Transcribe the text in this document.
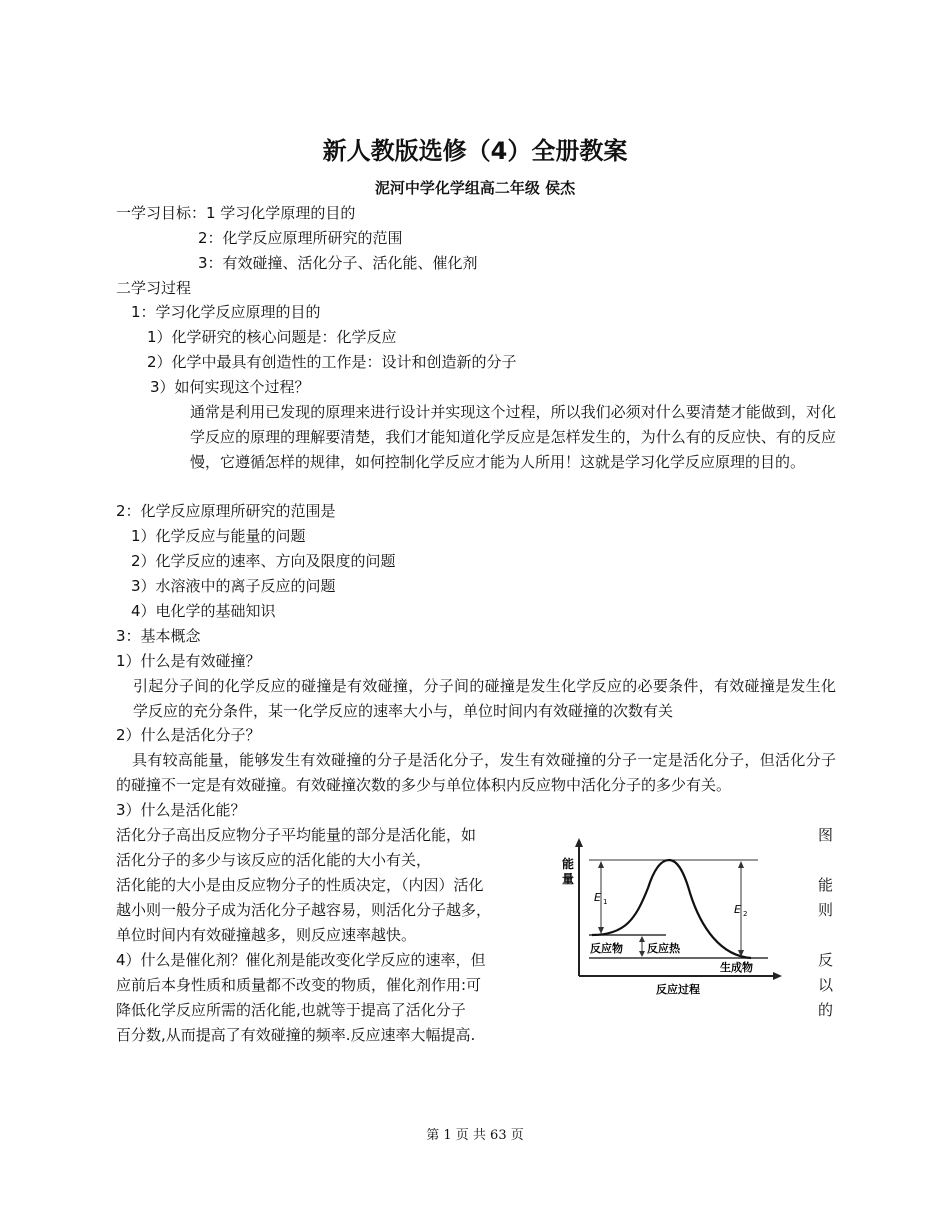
新人教版选修（4）全册教案
泥河中学化学组高二年级 侯杰
一学习目标：1 学习化学原理的目的
2：化学反应原理所研究的范围
3：有效碰撞、活化分子、活化能、催化剂
二学习过程
1：学习化学反应原理的目的
1）化学研究的核心问题是：化学反应
2）化学中最具有创造性的工作是：设计和创造新的分子
3）如何实现这个过程？
通常是利用已发现的原理来进行设计并实现这个过程，所以我们必须对什么要清楚才能做到，对化学反应的原理的理解要清楚，我们才能知道化学反应是怎样发生的，为什么有的反应快、有的反应慢，它遵循怎样的规律，如何控制化学反应才能为人所用！这就是学习化学反应原理的目的。
2：化学反应原理所研究的范围是
1）化学反应与能量的问题
2）化学反应的速率、方向及限度的问题
3）水溶液中的离子反应的问题
4）电化学的基础知识
3：基本概念
1）什么是有效碰撞？
引起分子间的化学反应的碰撞是有效碰撞，分子间的碰撞是发生化学反应的必要条件，有效碰撞是发生化学反应的充分条件，某一化学反应的速率大小与，单位时间内有效碰撞的次数有关
2）什么是活化分子？
具有较高能量，能够发生有效碰撞的分子是活化分子，发生有效碰撞的分子一定是活化分子，但活化分子的碰撞不一定是有效碰撞。有效碰撞次数的多少与单位体积内反应物中活化分子的多少有关。
3）什么是活化能？
活化分子高出反应物分子平均能量的部分是活化能，如	图
活化分子的多少与该反应的活化能的大小有关，
活化能的大小是由反应物分子的性质决定，（内因）活化	能
越小则一般分子成为活化分子越容易，则活化分子越多，	则
单位时间内有效碰撞越多，则反应速率越快。
4）什么是催化剂？催化剂是能改变化学反应的速率，但	反
应前后本身性质和质量都不改变的物质，催化剂作用:可	以
降低化学反应所需的活化能,也就等于提高了活化分子	的
百分数,从而提高了有效碰撞的频率.反应速率大幅提高.
能
量
E 1
E 2
反应物 反应热
生成物
反应过程
第 1 页 共 63 页
